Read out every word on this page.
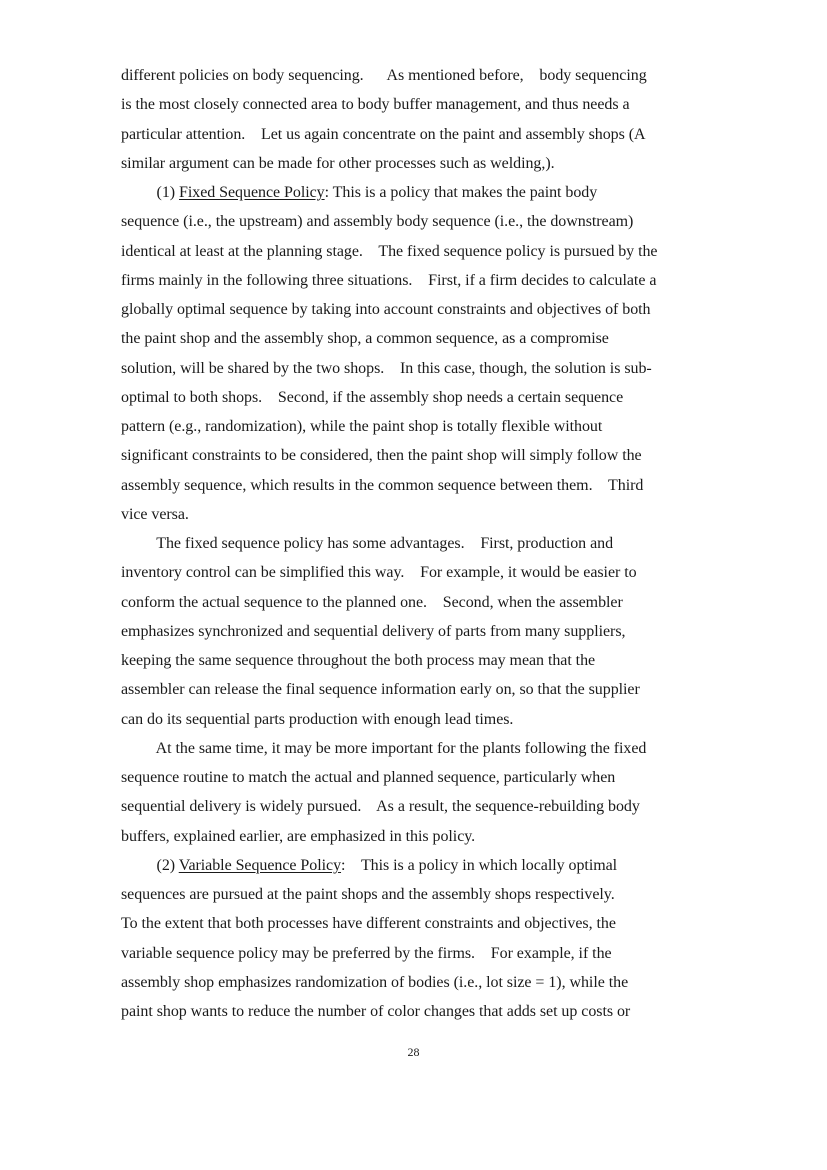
different policies on body sequencing.      As mentioned before,    body sequencing
is the most closely connected area to body buffer management, and thus needs a
particular attention.    Let us again concentrate on the paint and assembly shops (A
similar argument can be made for other processes such as welding,).
(1) Fixed Sequence Policy: This is a policy that makes the paint body
sequence (i.e., the upstream) and assembly body sequence (i.e., the downstream)
identical at least at the planning stage.    The fixed sequence policy is pursued by the
firms mainly in the following three situations.    First, if a firm decides to calculate a
globally optimal sequence by taking into account constraints and objectives of both
the paint shop and the assembly shop, a common sequence, as a compromise
solution, will be shared by the two shops.    In this case, though, the solution is sub-
optimal to both shops.    Second, if the assembly shop needs a certain sequence
pattern (e.g., randomization), while the paint shop is totally flexible without
significant constraints to be considered, then the paint shop will simply follow the
assembly sequence, which results in the common sequence between them.    Third
vice versa.
The fixed sequence policy has some advantages.    First, production and
inventory control can be simplified this way.    For example, it would be easier to
conform the actual sequence to the planned one.    Second, when the assembler
emphasizes synchronized and sequential delivery of parts from many suppliers,
keeping the same sequence throughout the both process may mean that the
assembler can release the final sequence information early on, so that the supplier
can do its sequential parts production with enough lead times.
At the same time, it may be more important for the plants following the fixed
sequence routine to match the actual and planned sequence, particularly when
sequential delivery is widely pursued.    As a result, the sequence-rebuilding body
buffers, explained earlier, are emphasized in this policy.
(2) Variable Sequence Policy:    This is a policy in which locally optimal
sequences are pursued at the paint shops and the assembly shops respectively.
To the extent that both processes have different constraints and objectives, the
variable sequence policy may be preferred by the firms.    For example, if the
assembly shop emphasizes randomization of bodies (i.e., lot size = 1), while the
paint shop wants to reduce the number of color changes that adds set up costs or
28
